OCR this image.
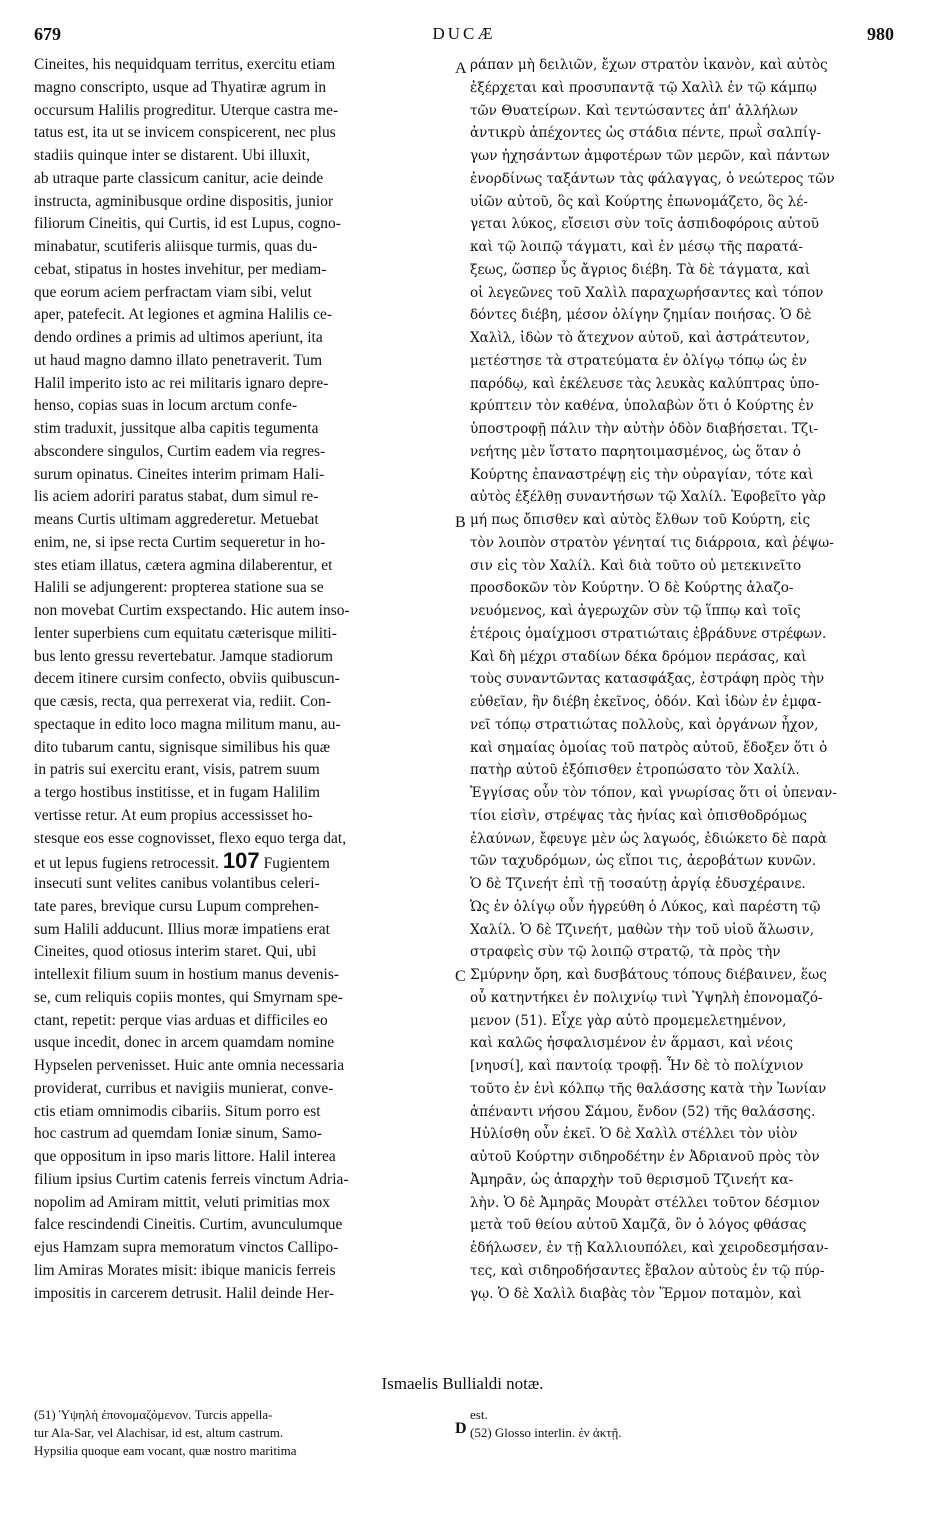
679	DUCÆ	980
Cineites, his nequidquam territus, exercitu etiam
magno conscripto, usque ad Thyatiræ agrum in
occursum Halilis progreditur. Uterque castra me-
tatus est, ita ut se invicem conspicerent, nec plus
stadiis quinque inter se distarent. Ubi illuxit,
ab utraque parte classicum canitur, acie deinde
instructa, agminibusque ordine dispositis, junior
filiorum Cineitis, qui Curtis, id est Lupus, cogno-
minabatur, scutiferis aliisque turmis, quas du-
cebat, stipatus in hostes invehitur, per mediam-
que eorum aciem perfractam viam sibi, velut
aper, patefecit. At legiones et agmina Halilis ce-
dendo ordines a primis ad ultimos aperiunt, ita
ut haud magno damno illato penetraverit. Tum
Halil imperito isto ac rei militaris ignaro depre-
henso, copias suas in locum arctum confe-
stim traduxit, jussitque alba capitis tegumenta
abscondere singulos, Curtim eadem via regres-
surum opinatus. Cineites interim primam Hali-
lis aciem adoriri paratus stabat, dum simul re-
means Curtis ultimam aggrederetur. Metuebat
enim, ne, si ipse recta Curtim sequeretur in ho-
stes etiam illatus, cætera agmina dilaberentur, et
Halili se adjungerent: propterea statione sua se
non movebat Curtim exspectando. Hic autem inso-
lenter superbiens cum equitatu cæterisque militi-
bus lento gressu revertebatur. Jamque stadiorum
decem itinere cursim confecto, obviis quibuscun-
que cæsis, recta, qua perrexerat via, rediit. Con-
spectaque in edito loco magna militum manu, au-
dito tubarum cantu, signisque similibus his quæ
in patris sui exercitu erant, visis, patrem suum
a tergo hostibus institisse, et in fugam Halilim
vertisse retur. At eum propius accessisset ho-
stesque eos esse cognovisset, flexo equo terga dat,
et ut lepus fugiens retrocessit. 107 Fugientem
insecuti sunt velites canibus volantibus celeri-
tate pares, brevique cursu Lupum comprehen-
sum Halili adducunt. Illius moræ impatiens erat
Cineites, quod otiosus interim staret. Qui, ubi
intellexit filium suum in hostium manus devenis-
se, cum reliquis copiis montes, qui Smyrnam spe-
ctant, repetit: perque vias arduas et difficiles eo
usque incedit, donec in arcem quamdam nomine
Hypselen pervenisset. Huic ante omnia necessaria
providerat, curribus et navigiis munierat, conve-
ctis etiam omnimodis cibariis. Situm porro est
hoc castrum ad quemdam Ioniæ sinum, Samo-
que oppositum in ipso maris littore. Halil interea
filium ipsius Curtim catenis ferreis vinctum Adria-
nopolim ad Amiram mittit, veluti primitias mox
falce rescindendi Cineitis. Curtim, avunculumque
ejus Hamzam supra memoratum vinctos Callipo-
lim Amiras Morates misit: ibique manicis ferreis
impositis in carcerem detrusit. Halil deinde Her-
ράπαν μὴ δειλιῶν, ἔχων στρατὸν ἱκανὸν, καὶ αὐτὸς
ἐξέρχεται καὶ προσυπαντᾷ τῷ Χαλὶλ ἐν τῷ κάμπῳ
τῶν Θυατείρων. Καὶ τεντώσαντες ἀπ' ἀλλήλων
ἀντικρὺ ἀπέχοντες ὡς στάδια πέντε, πρωῒ σαλπίγ-
γων ἠχησάντων ἀμφοτέρων τῶν μερῶν, καὶ πάντων
ἐνορδίνως ταξάντων τὰς φάλαγγας, ὁ νεώτερος τῶν
υἱῶν αὐτοῦ, ὃς καὶ Κούρτης ἐπωνομάζετο, ὃς λέ-
γεται λύκος, εἴσεισι σὺν τοῖς ἀσπιδοφόροις αὐτοῦ
καὶ τῷ λοιπῷ τάγματι, καὶ ἐν μέσῳ τῆς παρατά-
ξεως, ὥσπερ ὗς ἄγριος διέβη. Τὰ δὲ τάγματα, καὶ
οἱ λεγεῶνες τοῦ Χαλὶλ παραχωρήσαντες καὶ τόπον
δόντες διέβη, μέσον ὀλίγην ζημίαν ποιήσας. Ὁ δὲ
Χαλὶλ, ἰδὼν τὸ ἄτεχνον αὐτοῦ, καὶ ἀστράτευτον,
μετέστησε τὰ στρατεύματα ἐν ὀλίγῳ τόπῳ ὡς ἐν
παρόδῳ, καὶ ἐκέλευσε τὰς λευκὰς καλύπτρας ὑπο-
κρύπτειν τὸν καθένα, ὑπολαβὼν ὅτι ὁ Κούρτης ἐν
ὑποστροφῇ πάλιν τὴν αὐτὴν ὁδὸν διαβήσεται. Τζι-
νεήτης μὲν ἵστατο παρητοιμασμένος, ὡς ὅταν ὁ
Κούρτης ἐπαναστρέψῃ εἰς τὴν οὐραγίαν, τότε καὶ
αὐτὸς ἐξέλθῃ συναντήσων τῷ Χαλίλ. Ἐφοβεῖτο γὰρ
μή πως ὄπισθεν καὶ αὐτὸς ἔλθων τοῦ Κούρτη, εἰς
τὸν λοιπὸν στρατὸν γένηταί τις διάρροια, καὶ ῥέψω-
σιν εἰς τὸν Χαλίλ. Καὶ διὰ τοῦτο οὐ μετεκινεῖτο
προσδοκῶν τὸν Κούρτην. Ὁ δὲ Κούρτης ἀλαζο-
νευόμενος, καὶ ἀγερωχῶν σὺν τῷ ἵππῳ καὶ τοῖς
ἑτέροις ὁμαίχμοσι στρατιώταις ἐβράδυνε στρέφων.
Καὶ δὴ μέχρι σταδίων δέκα δρόμον περάσας, καὶ
τοὺς συναντῶντας κατασφάξας, ἐστράφη πρὸς τὴν
εὐθεῖαν, ἣν διέβη ἐκεῖνος, ὁδόν. Καὶ ἰδὼν ἐν ἐμφα-
νεῖ τόπῳ στρατιώτας πολλοὺς, καὶ ὀργάνων ἦχον,
καὶ σημαίας ὁμοίας τοῦ πατρὸς αὐτοῦ, ἔδοξεν ὅτι ὁ
πατὴρ αὐτοῦ ἐξόπισθεν ἐτροπώσατο τὸν Χαλίλ.
Ἐγγίσας οὖν τὸν τόπον, καὶ γνωρίσας ὅτι οἱ ὑπεναν-
τίοι εἰσὶν, στρέψας τὰς ἡνίας καὶ ὀπισθοδρόμως
ἐλαύνων, ἔφευγε μὲν ὡς λαγωός, ἐδιώκετο δὲ παρὰ
τῶν ταχυδρόμων, ὡς εἴποι τις, ἀεροβάτων κυνῶν.
Ὁ δὲ Τζινεήτ ἐπὶ τῇ τοσαύτῃ ἀργίᾳ ἐδυσχέραινε.
Ὡς ἐν ὀλίγῳ οὖν ἠγρεύθη ὁ Λύκος, καὶ παρέστη τῷ
Χαλίλ. Ὁ δὲ Τζινεήτ, μαθὼν τὴν τοῦ υἱοῦ ἅλωσιν,
στραφεὶς σὺν τῷ λοιπῷ στρατῷ, τὰ πρὸς τὴν
Σμύρνην ὄρη, καὶ δυσβάτους τόπους διέβαινεν, ἕως
οὗ κατηντήκει ἐν πολιχνίῳ τινὶ Ὑψηλὴ ἐπονομαζό-
μενον (51). Εἶχε γὰρ αὐτὸ προμεμελετημένον,
καὶ καλῶς ἠσφαλισμένον ἐν ἅρμασι, καὶ νέοις
[νηυσί], καὶ παντοίᾳ τροφῇ. Ἦν δὲ τὸ πολίχνιον
τοῦτο ἐν ἑνὶ κόλπῳ τῆς θαλάσσης κατὰ τὴν Ἰωνίαν
ἀπέναντι νήσου Σάμου, ἔνδον (52) τῆς θαλάσσης.
Ηὐλίσθη οὖν ἐκεῖ. Ὁ δὲ Χαλὶλ στέλλει τὸν υἱὸν
αὐτοῦ Κούρτην σιδηροδέτην ἐν Ἀδριανοῦ πρὸς τὸν
Ἀμηρᾶν, ὡς ἀπαρχὴν τοῦ θερισμοῦ Τζινεήτ κα-
λὴν. Ὁ δὲ Ἀμηρᾶς Μουρὰτ στέλλει τοῦτον δέσμιον
μετὰ τοῦ θείου αὐτοῦ Χαμζᾶ, ὃν ὁ λόγος φθάσας
ἐδήλωσεν, ἐν τῇ Καλλιουπόλει, καὶ χειροδεσμήσαν-
τες, καὶ σιδηροδήσαντες ἔβαλον αὐτοὺς ἐν τῷ πύρ-
γῳ. Ὁ δὲ Χαλὶλ διαβὰς τὸν Ἕρμον ποταμὸν, καὶ
A
B
C
D
Ismaelis Bullialdi notæ.
(51) Ὑψηλὴ ἐπονομαζόμενον. Turcis appella-
tur Ala-Sar, vel Alachisar, id est, altum castrum.
Hypsilia quoque eam vocant, quæ nostro maritima
est.
(52) Glosso interlin. ἐν ἀκτῇ.
